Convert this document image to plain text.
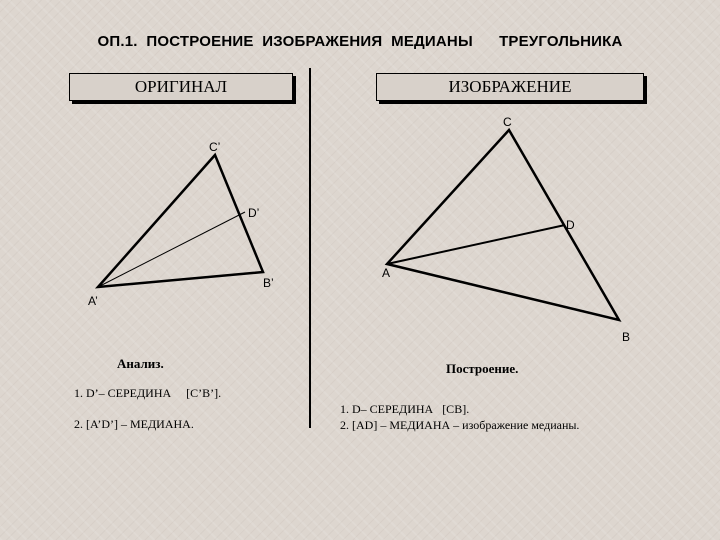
ОП.1.  ПОСТРОЕНИЕ  ИЗОБРАЖЕНИЯ  МЕДИАНЫ ТРЕУГОЛЬНИКА
ОРИГИНАЛ	ИЗОБРАЖЕНИЕ
C’
D’
B’
A’
C
D
A
B
Анализ.
1. D’– СЕРЕДИНА     [C’B’].
2. [A’D’] – МЕДИАНА.
Построение.
1. D– СЕРЕДИНА   [CB].
2. [AD] – МЕДИАНА – изображение медианы.
